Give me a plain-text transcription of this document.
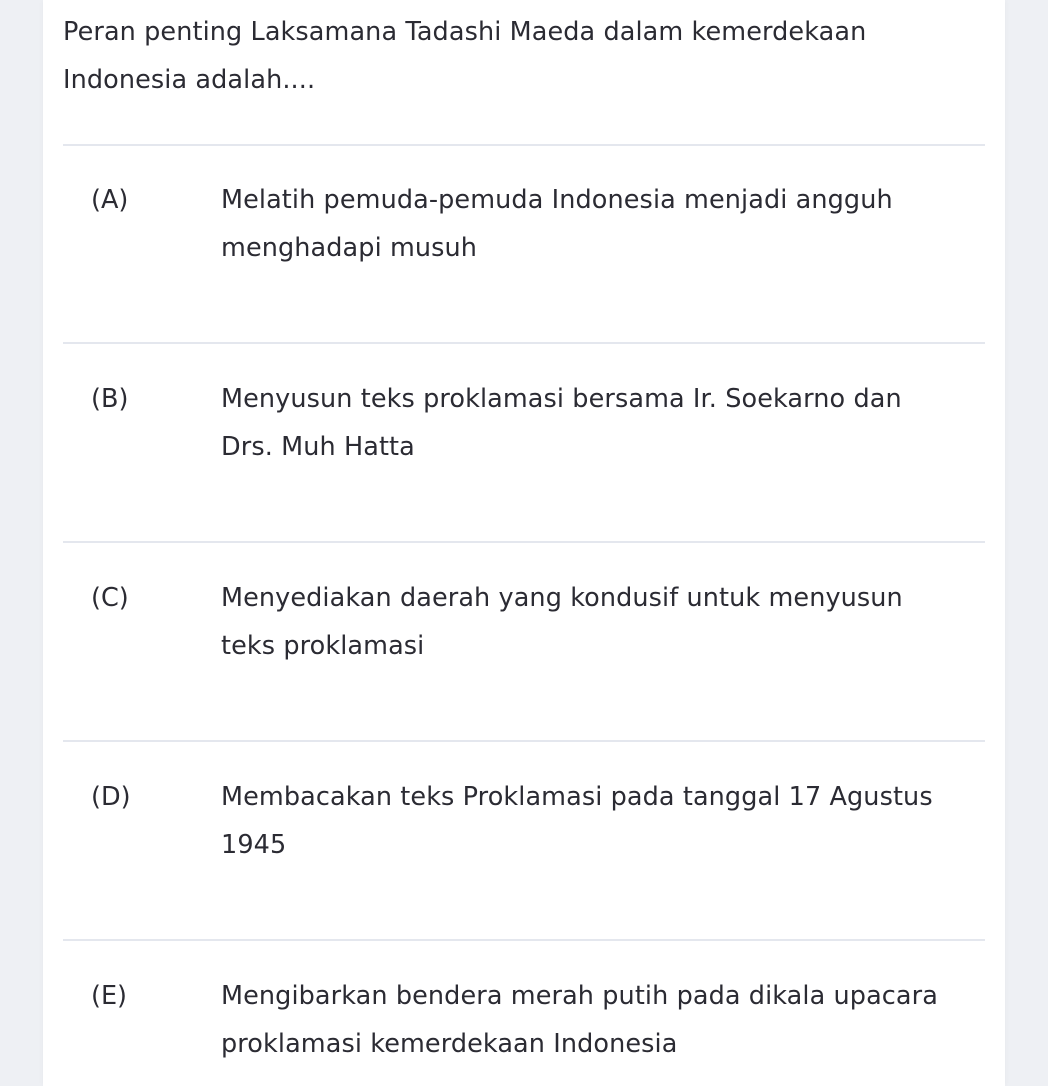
Peran penting Laksamana Tadashi Maeda dalam kemerdekaan Indonesia adalah....
(A)	Melatih pemuda-pemuda Indonesia menjadi angguh menghadapi musuh
(B)	Menyusun teks proklamasi bersama Ir. Soekarno dan Drs. Muh Hatta
(C)	Menyediakan daerah yang kondusif untuk menyusun teks proklamasi
(D)	Membacakan teks Proklamasi pada tanggal 17 Agustus 1945
(E)	Mengibarkan bendera merah putih pada dikala upacara proklamasi kemerdekaan Indonesia
